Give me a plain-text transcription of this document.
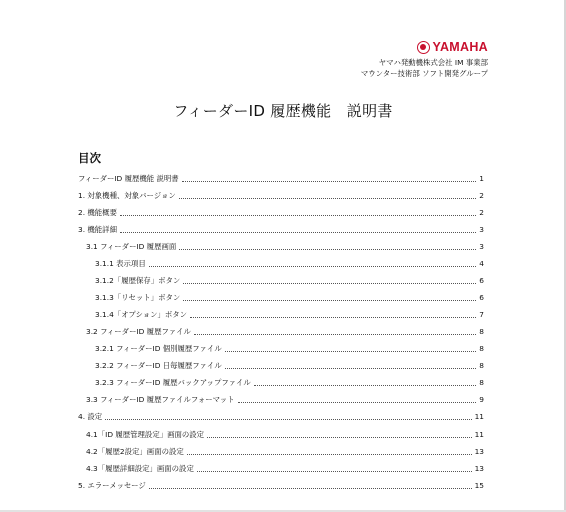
YAMAHA
ヤマハ発動機株式会社 IM 事業部
マウンター技術部 ソフト開発グループ
フィーダーID 履歴機能　説明書
目次
フィーダーID 履歴機能 説明書	1
1. 対象機種、対象バージョン	2
2. 機能概要	2
3. 機能詳細	3
3.1 フィーダーID 履歴画面	3
3.1.1 表示項目	4
3.1.2「履歴保存」ボタン	6
3.1.3「リセット」ボタン	6
3.1.4「オプション」ボタン	7
3.2 フィーダーID 履歴ファイル	8
3.2.1 フィーダーID 個別履歴ファイル	8
3.2.2 フィーダーID 日毎履歴ファイル	8
3.2.3 フィーダーID 履歴バックアップファイル	8
3.3 フィーダーID 履歴ファイルフォーマット	9
4. 設定	11
4.1「ID 履歴管理設定」画面の設定	11
4.2「履歴2設定」画面の設定	13
4.3「履歴詳細設定」画面の設定	13
5. エラーメッセージ	15
